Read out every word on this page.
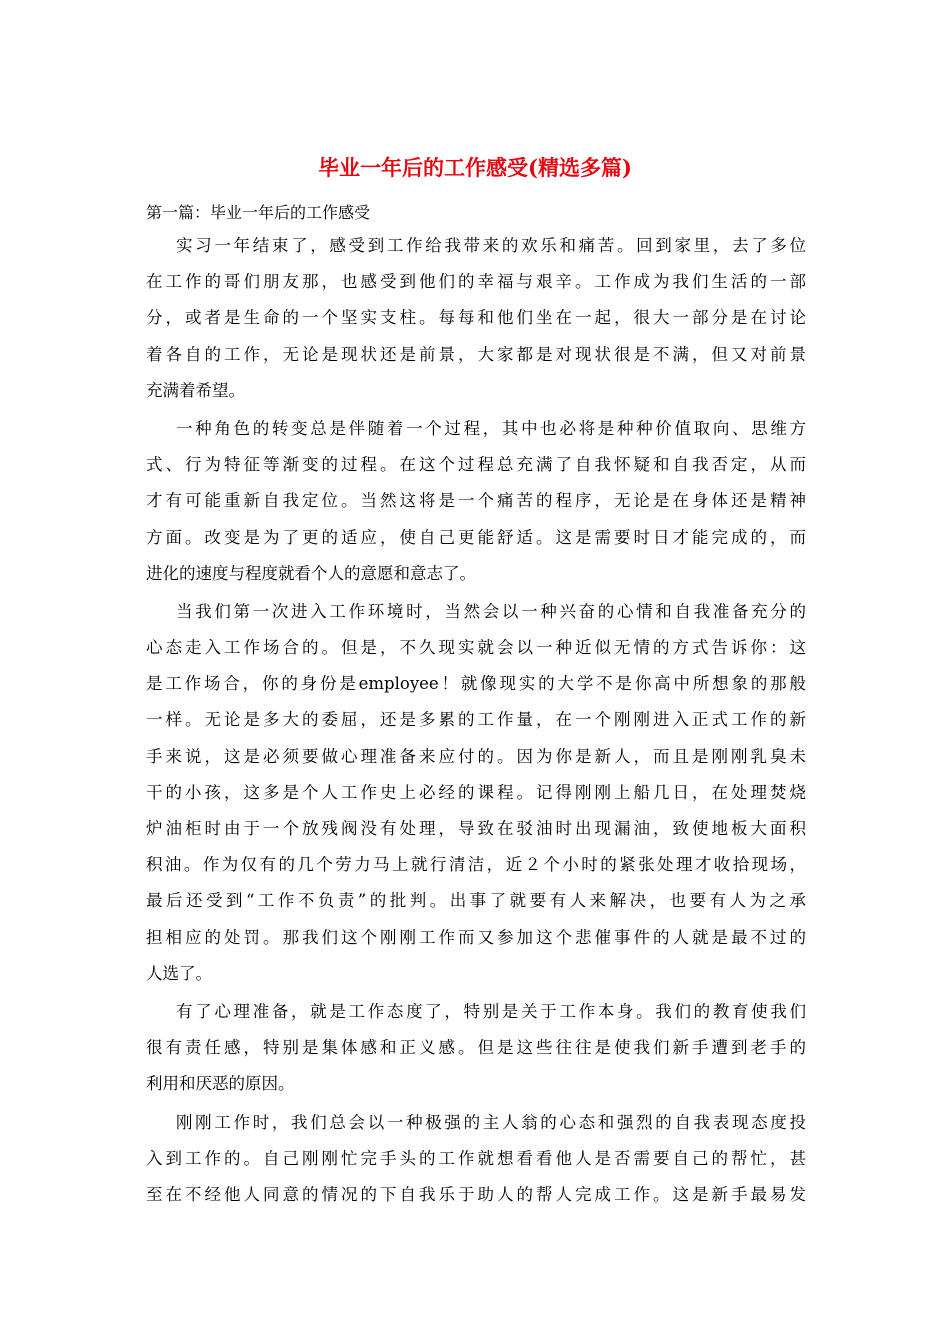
毕业一年后的工作感受(精选多篇)
第一篇：毕业一年后的工作感受
实习一年结束了，感受到工作给我带来的欢乐和痛苦。回到家里，去了多位
在工作的哥们朋友那，也感受到他们的幸福与艰辛。工作成为我们生活的一部
分，或者是生命的一个坚实支柱。每每和他们坐在一起，很大一部分是在讨论
着各自的工作，无论是现状还是前景，大家都是对现状很是不满，但又对前景
充满着希望。
一种角色的转变总是伴随着一个过程，其中也必将是种种价值取向、思维方
式、行为特征等渐变的过程。在这个过程总充满了自我怀疑和自我否定，从而
才有可能重新自我定位。当然这将是一个痛苦的程序，无论是在身体还是精神
方面。改变是为了更的适应，使自己更能舒适。这是需要时日才能完成的，而
进化的速度与程度就看个人的意愿和意志了。
当我们第一次进入工作环境时，当然会以一种兴奋的心情和自我准备充分的
心态走入工作场合的。但是，不久现实就会以一种近似无情的方式告诉你：这
是工作场合，你的身份是employee！就像现实的大学不是你高中所想象的那般
一样。无论是多大的委屈，还是多累的工作量，在一个刚刚进入正式工作的新
手来说，这是必须要做心理准备来应付的。因为你是新人，而且是刚刚乳臭未
干的小孩，这多是个人工作史上必经的课程。记得刚刚上船几日，在处理焚烧
炉油柜时由于一个放残阀没有处理，导致在驳油时出现漏油，致使地板大面积
积油。作为仅有的几个劳力马上就行清洁，近２个小时的紧张处理才收拾现场，
最后还受到“工作不负责”的批判。出事了就要有人来解决，也要有人为之承
担相应的处罚。那我们这个刚刚工作而又参加这个悲催事件的人就是最不过的
人选了。
有了心理准备，就是工作态度了，特别是关于工作本身。我们的教育使我们
很有责任感，特别是集体感和正义感。但是这些往往是使我们新手遭到老手的
利用和厌恶的原因。
刚刚工作时，我们总会以一种极强的主人翁的心态和强烈的自我表现态度投
入到工作的。自己刚刚忙完手头的工作就想看看他人是否需要自己的帮忙，甚
至在不经他人同意的情况的下自我乐于助人的帮人完成工作。这是新手最易发
